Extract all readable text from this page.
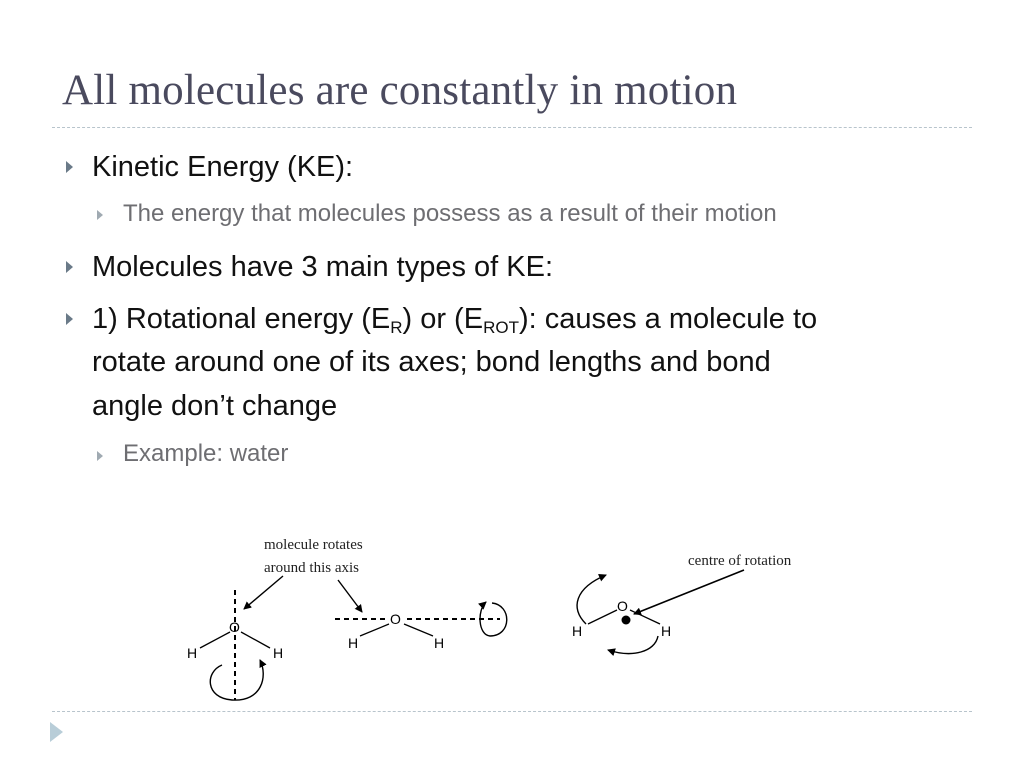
All molecules are constantly in motion
Kinetic Energy (KE):
The energy that molecules possess as a result of their motion
Molecules have 3 main types of KE:
1) Rotational energy $(E_R)$ or $(E_{ROT})$: causes a molecule to
rotate around one of its axes; bond lengths and bond
angle don’t change
Example: water
molecule rotates
around this axis	centre of rotation
O
H	H
O
H	H
O
H	H
